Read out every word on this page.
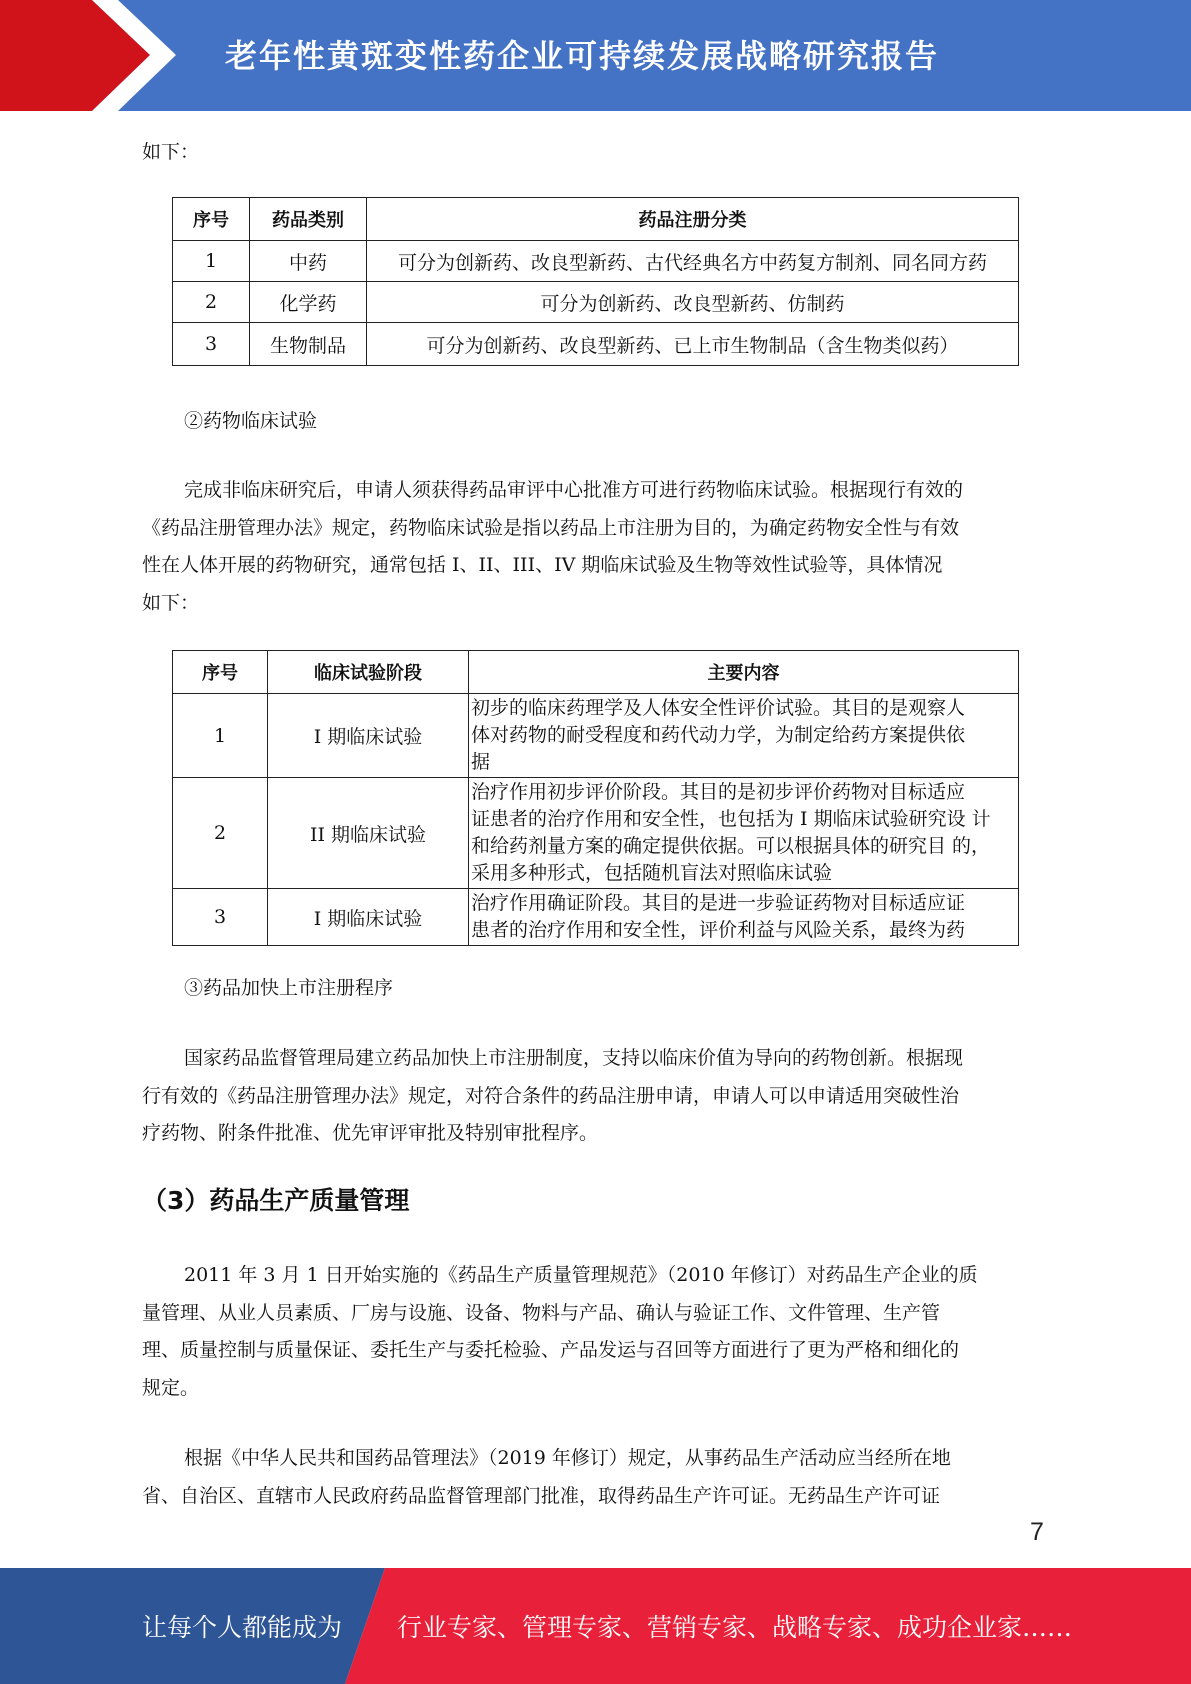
老年性黄斑变性药企业可持续发展战略研究报告
如下：
序号	药品类别	药品注册分类
1	中药	可分为创新药、改良型新药、古代经典名方中药复方制剂、同名同方药
2	化学药	可分为创新药、改良型新药、仿制药
3	生物制品	可分为创新药、改良型新药、已上市生物制品（含生物类似药）
②药物临床试验
完成非临床研究后，申请人须获得药品审评中心批准方可进行药物临床试验。根据现行有效的
《药品注册管理办法》规定，药物临床试验是指以药品上市注册为目的，为确定药物安全性与有效
性在人体开展的药物研究，通常包括 I、II、III、IV 期临床试验及生物等效性试验等，具体情况
如下：
序号	临床试验阶段	主要内容
1	I 期临床试验	初步的临床药理学及人体安全性评价试验。其目的是观察人
体对药物的耐受程度和药代动力学，为制定给药方案提供依
据

2	II 期临床试验	治疗作用初步评价阶段。其目的是初步评价药物对目标适应
证患者的治疗作用和安全性，也包括为 I 期临床试验研究设 计
和给药剂量方案的确定提供依据。可以根据具体的研究目 的，
采用多种形式，包括随机盲法对照临床试验

3	I 期临床试验	治疗作用确证阶段。其目的是进一步验证药物对目标适应证
患者的治疗作用和安全性，评价利益与风险关系，最终为药
③药品加快上市注册程序
国家药品监督管理局建立药品加快上市注册制度，支持以临床价值为导向的药物创新。根据现
行有效的《药品注册管理办法》规定，对符合条件的药品注册申请，申请人可以申请适用突破性治
疗药物、附条件批准、优先审评审批及特别审批程序。
（3）药品生产质量管理
2011 年 3 月 1 日开始实施的《药品生产质量管理规范》（2010 年修订）对药品生产企业的质
量管理、从业人员素质、厂房与设施、设备、物料与产品、确认与验证工作、文件管理、生产管
理、质量控制与质量保证、委托生产与委托检验、产品发运与召回等方面进行了更为严格和细化的
规定。
根据《中华人民共和国药品管理法》（2019 年修订）规定，从事药品生产活动应当经所在地
省、自治区、直辖市人民政府药品监督管理部门批准，取得药品生产许可证。无药品生产许可证
7
让每个人都能成为 行业专家、管理专家、营销专家、战略专家、成功企业家……
